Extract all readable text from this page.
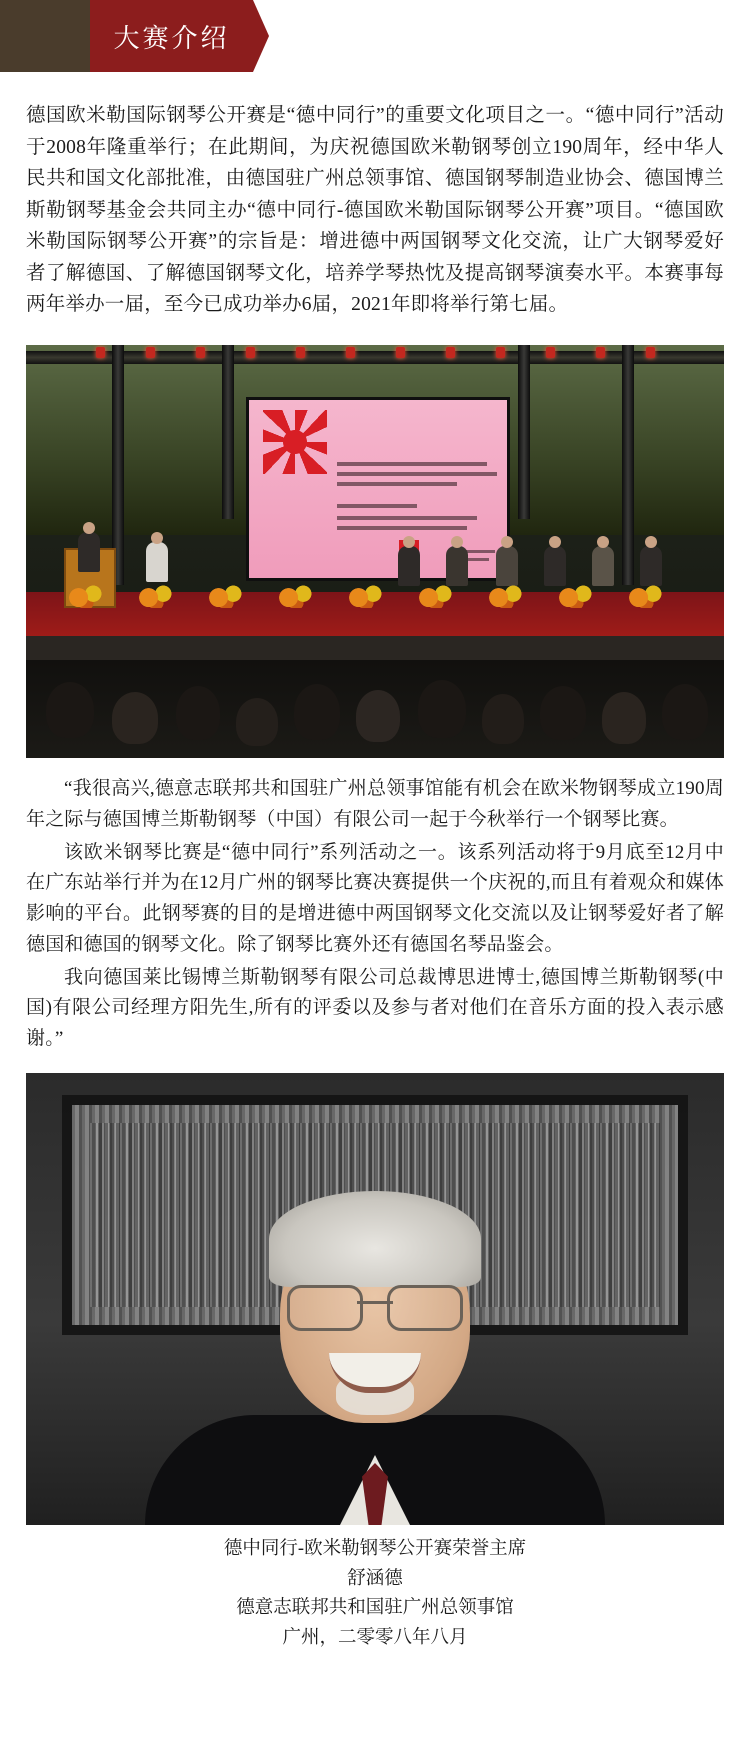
大赛介绍

德国欧米勒国际钢琴公开赛是“德中同行”的重要文化项目之一。“德中同行”活动于2008年隆重举行；在此期间，为庆祝德国欧米勒钢琴创立190周年，经中华人民共和国文化部批准，由德国驻广州总领事馆、德国钢琴制造业协会、德国博兰斯勒钢琴基金会共同主办“德中同行-德国欧米勒国际钢琴公开赛”项目。“德国欧米勒国际钢琴公开赛”的宗旨是：增进德中两国钢琴文化交流，让广大钢琴爱好者了解德国、了解德国钢琴文化，培养学琴热忱及提高钢琴演奏水平。本赛事每两年举办一届，至今已成功举办6届，2021年即将举行第七届。

“我很高兴,德意志联邦共和国驻广州总领事馆能有机会在欧米物钢琴成立190周年之际与德国博兰斯勒钢琴（中国）有限公司一起于今秋举行一个钢琴比赛。

该欧米钢琴比赛是“德中同行”系列活动之一。该系列活动将于9月底至12月中在广东站举行并为在12月广州的钢琴比赛决赛提供一个庆祝的,而且有着观众和媒体影响的平台。此钢琴赛的目的是增进德中两国钢琴文化交流以及让钢琴爱好者了解德国和德国的钢琴文化。除了钢琴比赛外还有德国名琴品鉴会。

我向德国莱比锡博兰斯勒钢琴有限公司总裁博思进博士,德国博兰斯勒钢琴(中国)有限公司经理方阳先生,所有的评委以及参与者对他们在音乐方面的投入表示感谢。”

德中同行-欧米勒钢琴公开赛荣誉主席
舒涵德
德意志联邦共和国驻广州总领事馆
广州，二零零八年八月
